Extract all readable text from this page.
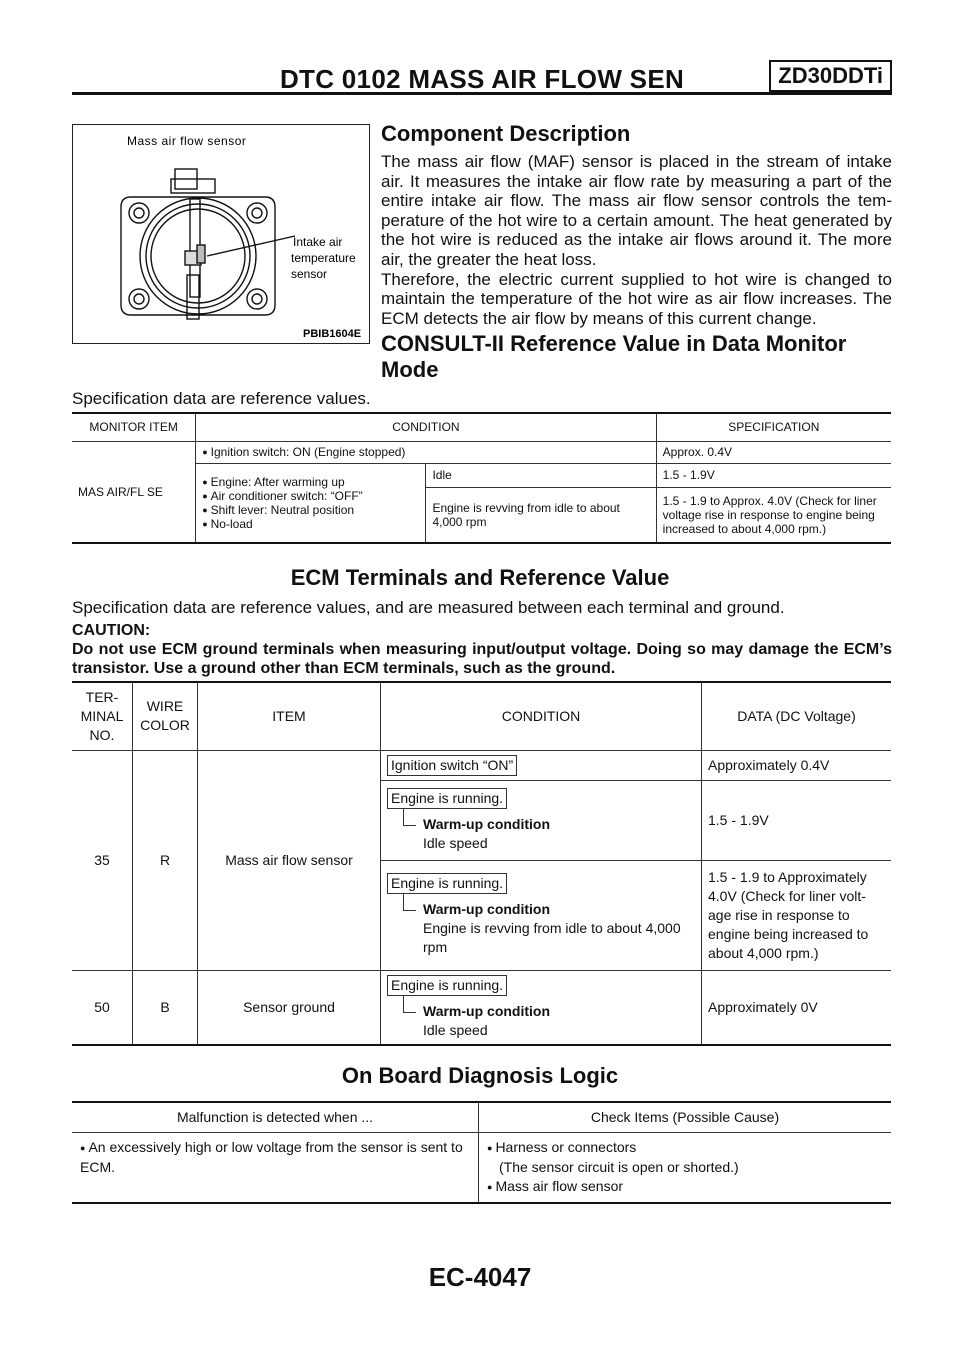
DTC 0102 MASS AIR FLOW SEN	ZD30DDTi
Mass air flow sensor
Intake air
temperature
sensor
PBIB1604E
Component Description
The mass air flow (MAF) sensor is placed in the stream of intake air. It measures the intake air flow rate by measuring a part of the entire intake air flow. The mass air flow sensor controls the tem-perature of the hot wire to a certain amount. The heat generated by the hot wire is reduced as the intake air flows around it. The more air, the greater the heat loss.
Therefore, the electric current supplied to hot wire is changed to maintain the temperature of the hot wire as air flow increases. The ECM detects the air flow by means of this current change.
CONSULT-II Reference Value in Data Monitor
Mode
Specification data are reference values.
MONITOR ITEM	CONDITION		SPECIFICATION
MAS AIR/FL SE	● Ignition switch: ON (Engine stopped)		Approx. 0.4V

	● Engine: After warming up
● Air conditioner switch: “OFF”
● Shift lever: Neutral position
● No-load	Idle	1.5 - 1.9V
		Engine is revving from idle to about 4,000 rpm	1.5 - 1.9 to Approx. 4.0V (Check for liner voltage rise in response to engine being increased to about 4,000 rpm.)
ECM Terminals and Reference Value
Specification data are reference values, and are measured between each terminal and ground.
CAUTION:
Do not use ECM ground terminals when measuring input/output voltage. Doing so may damage the ECM’s transistor. Use a ground other than ECM terminals, such as the ground.
TER-MINAL NO.	WIRE COLOR	ITEM	CONDITION	DATA (DC Voltage)
35	R	Mass air flow sensor	Ignition switch “ON”	Approximately 0.4V
			Engine is running.
Warm-up condition
Idle speed	1.5 - 1.9V
			Engine is running.
Warm-up condition
Engine is revving from idle to about 4,000 rpm	1.5 - 1.9 to Approximately 4.0V (Check for liner volt-age rise in response to engine being increased to about 4,000 rpm.)
50	B	Sensor ground	Engine is running.
Warm-up condition
Idle speed	Approximately 0V
On Board Diagnosis Logic
Malfunction is detected when ...	Check Items (Possible Cause)

● An excessively high or low voltage from the sensor is sent to ECM.	● Harness or connectors
(The sensor circuit is open or shorted.)
● Mass air flow sensor
EC-4047
